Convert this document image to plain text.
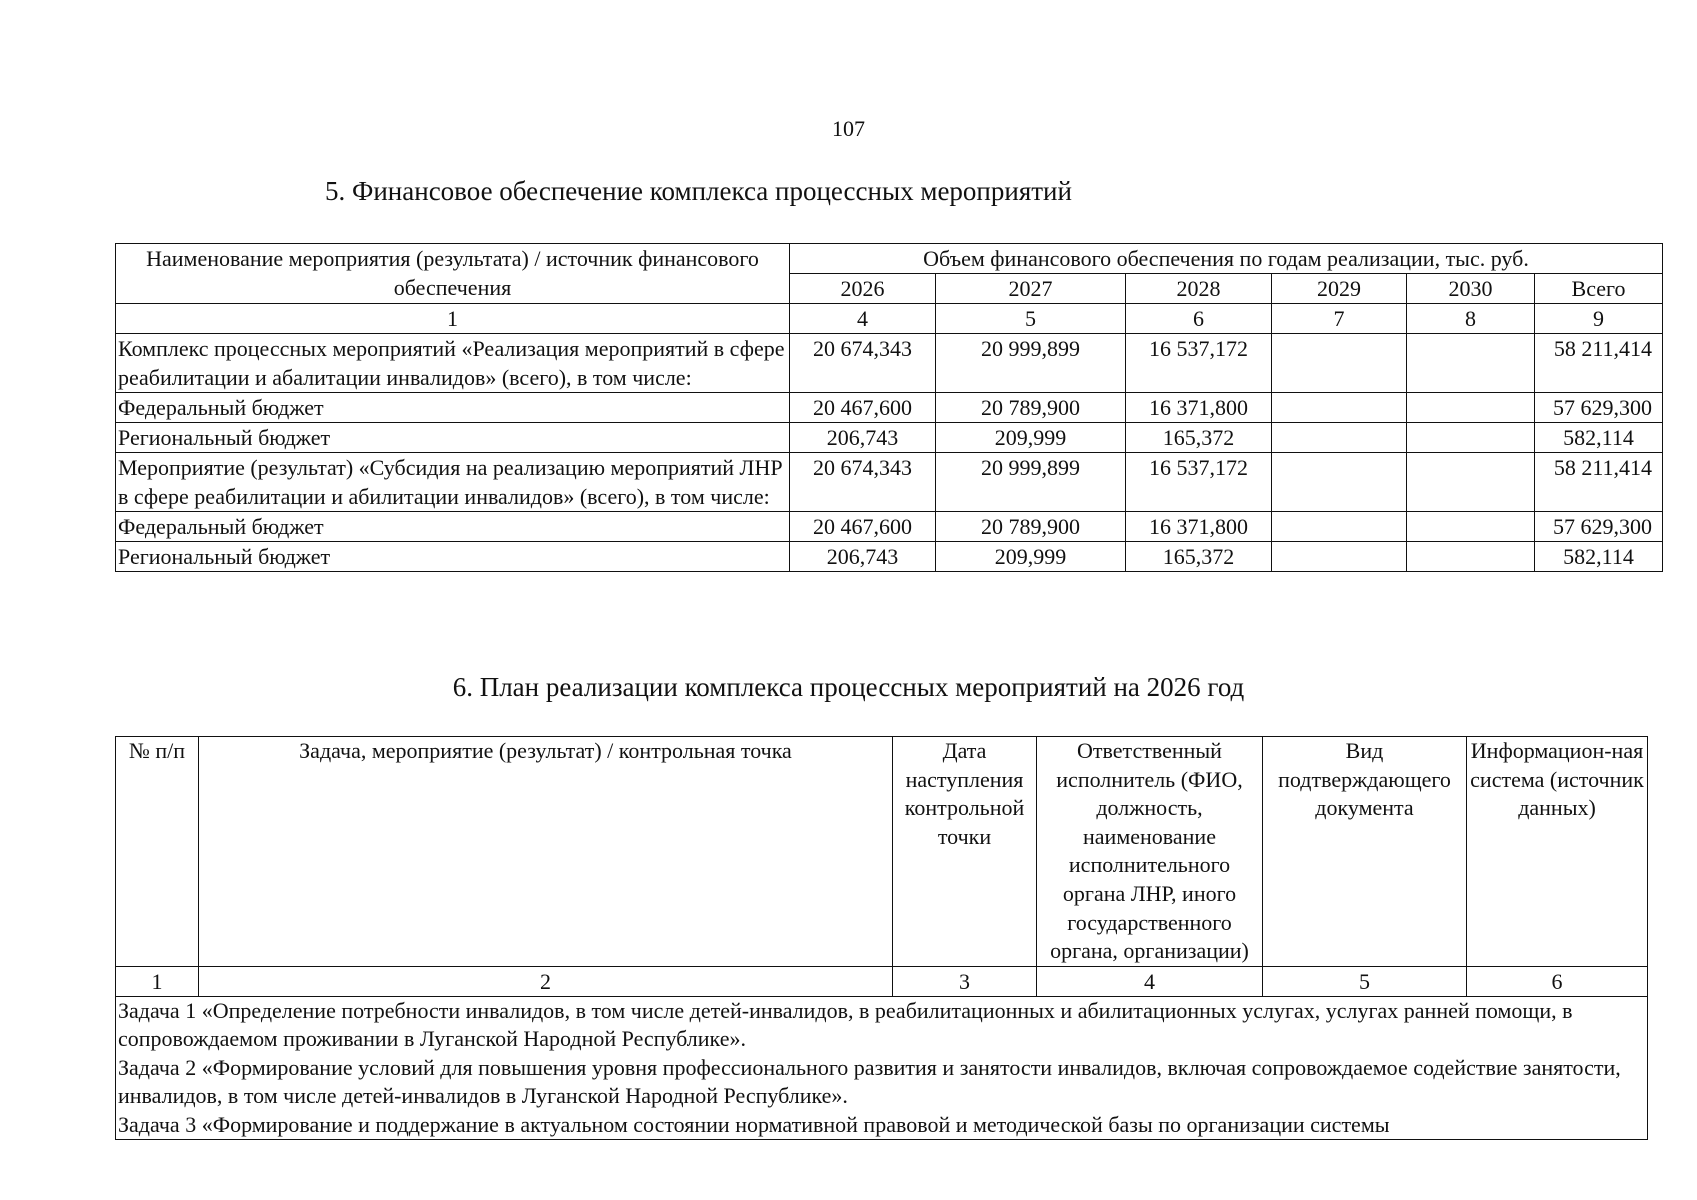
107
5. Финансовое обеспечение комплекса процессных мероприятий
Наименование мероприятия (результата) / источник финансового обеспечения	Объем финансового обеспечения по годам реализации, тыс. руб.					
	2026	2027	2028	2029	2030	Всего
1	4	5	6	7	8	9
Комплекс процессных мероприятий «Реализация мероприятий в сфере реабилитации и абалитации инвалидов» (всего), в том числе:	20 674,343	20 999,899	16 537,172			58 211,414
Федеральный бюджет	20 467,600	20 789,900	16 371,800			57 629,300
Региональный бюджет	206,743	209,999	165,372			582,114
Мероприятие (результат) «Субсидия на реализацию мероприятий ЛНР в сфере реабилитации и абилитации инвалидов» (всего), в том числе:	20 674,343	20 999,899	16 537,172			58 211,414
Федеральный бюджет	20 467,600	20 789,900	16 371,800			57 629,300
Региональный бюджет	206,743	209,999	165,372			582,114
6. План реализации комплекса процессных мероприятий на 2026 год
№ п/п	Задача, мероприятие (результат) / контрольная точка	Дата наступления контрольной точки	Ответственный исполнитель (ФИО, должность, наименование исполнительного органа ЛНР, иного государственного органа, организации)	Вид подтверждающего документа	Информацион-ная система (источник данных)
1	2	3	4	5	6

Задача 1 «Определение потребности инвалидов, в том числе детей-инвалидов, в реабилитационных и абилитационных услугах, услугах ранней помощи, в сопровождаемом проживании в Луганской Народной Республике».
Задача 2 «Формирование условий для повышения уровня профессионального развития и занятости инвалидов, включая сопровождаемое содействие занятости, инвалидов, в том числе детей-инвалидов в Луганской Народной Республике».
Задача 3 «Формирование и поддержание в актуальном состоянии нормативной правовой и методической базы по организации системы					
